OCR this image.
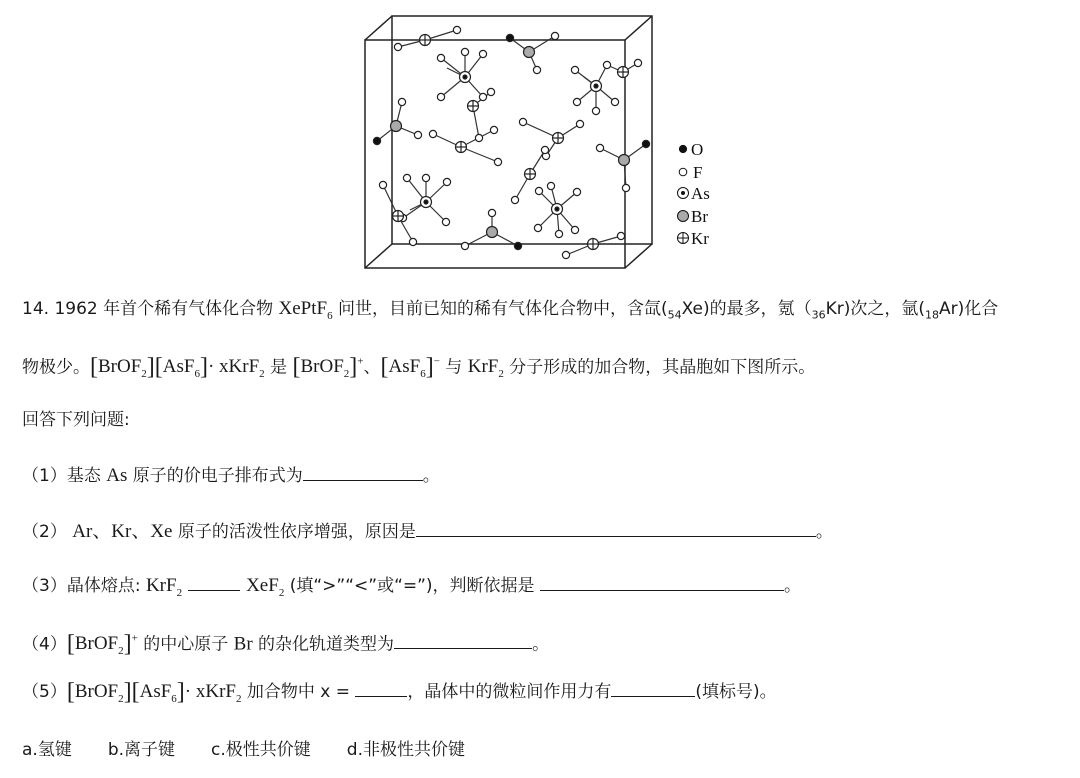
O
F
As
Br
Kr
14. 1962 年首个稀有气体化合物 XePtF$_6$ 问世，目前已知的稀有气体化合物中，含氙$(_{54}Xe)$的最多，氪$(_{36}Kr)$次之，氩$(_{18}Ar)$化合
物极少。[BrOF$_2$][AsF$_6$]· xKrF$_2$ 是 [BrOF$_2$]+、[AsF$_6$]− 与 KrF$_2$ 分子形成的加合物，其晶胞如下图所示。
回答下列问题:
（1）基态 As 原子的价电子排布式为	。
（2） Ar、Kr、Xe 原子的活泼性依序增强，原因是	。
（3）晶体熔点: KrF$_2$	XeF$_2$ (填“>”“<”或“=”)，判断依据是	。
（4）[BrOF$_2$]+ 的中心原子 Br 的杂化轨道类型为	。
（5）[BrOF$_2$][AsF$_6$]· xKrF$_2$ 加合物中 x =	，晶体中的微粒间作用力有	(填标号)。
a.氢键 b.离子键 c.极性共价键 d.非极性共价键
